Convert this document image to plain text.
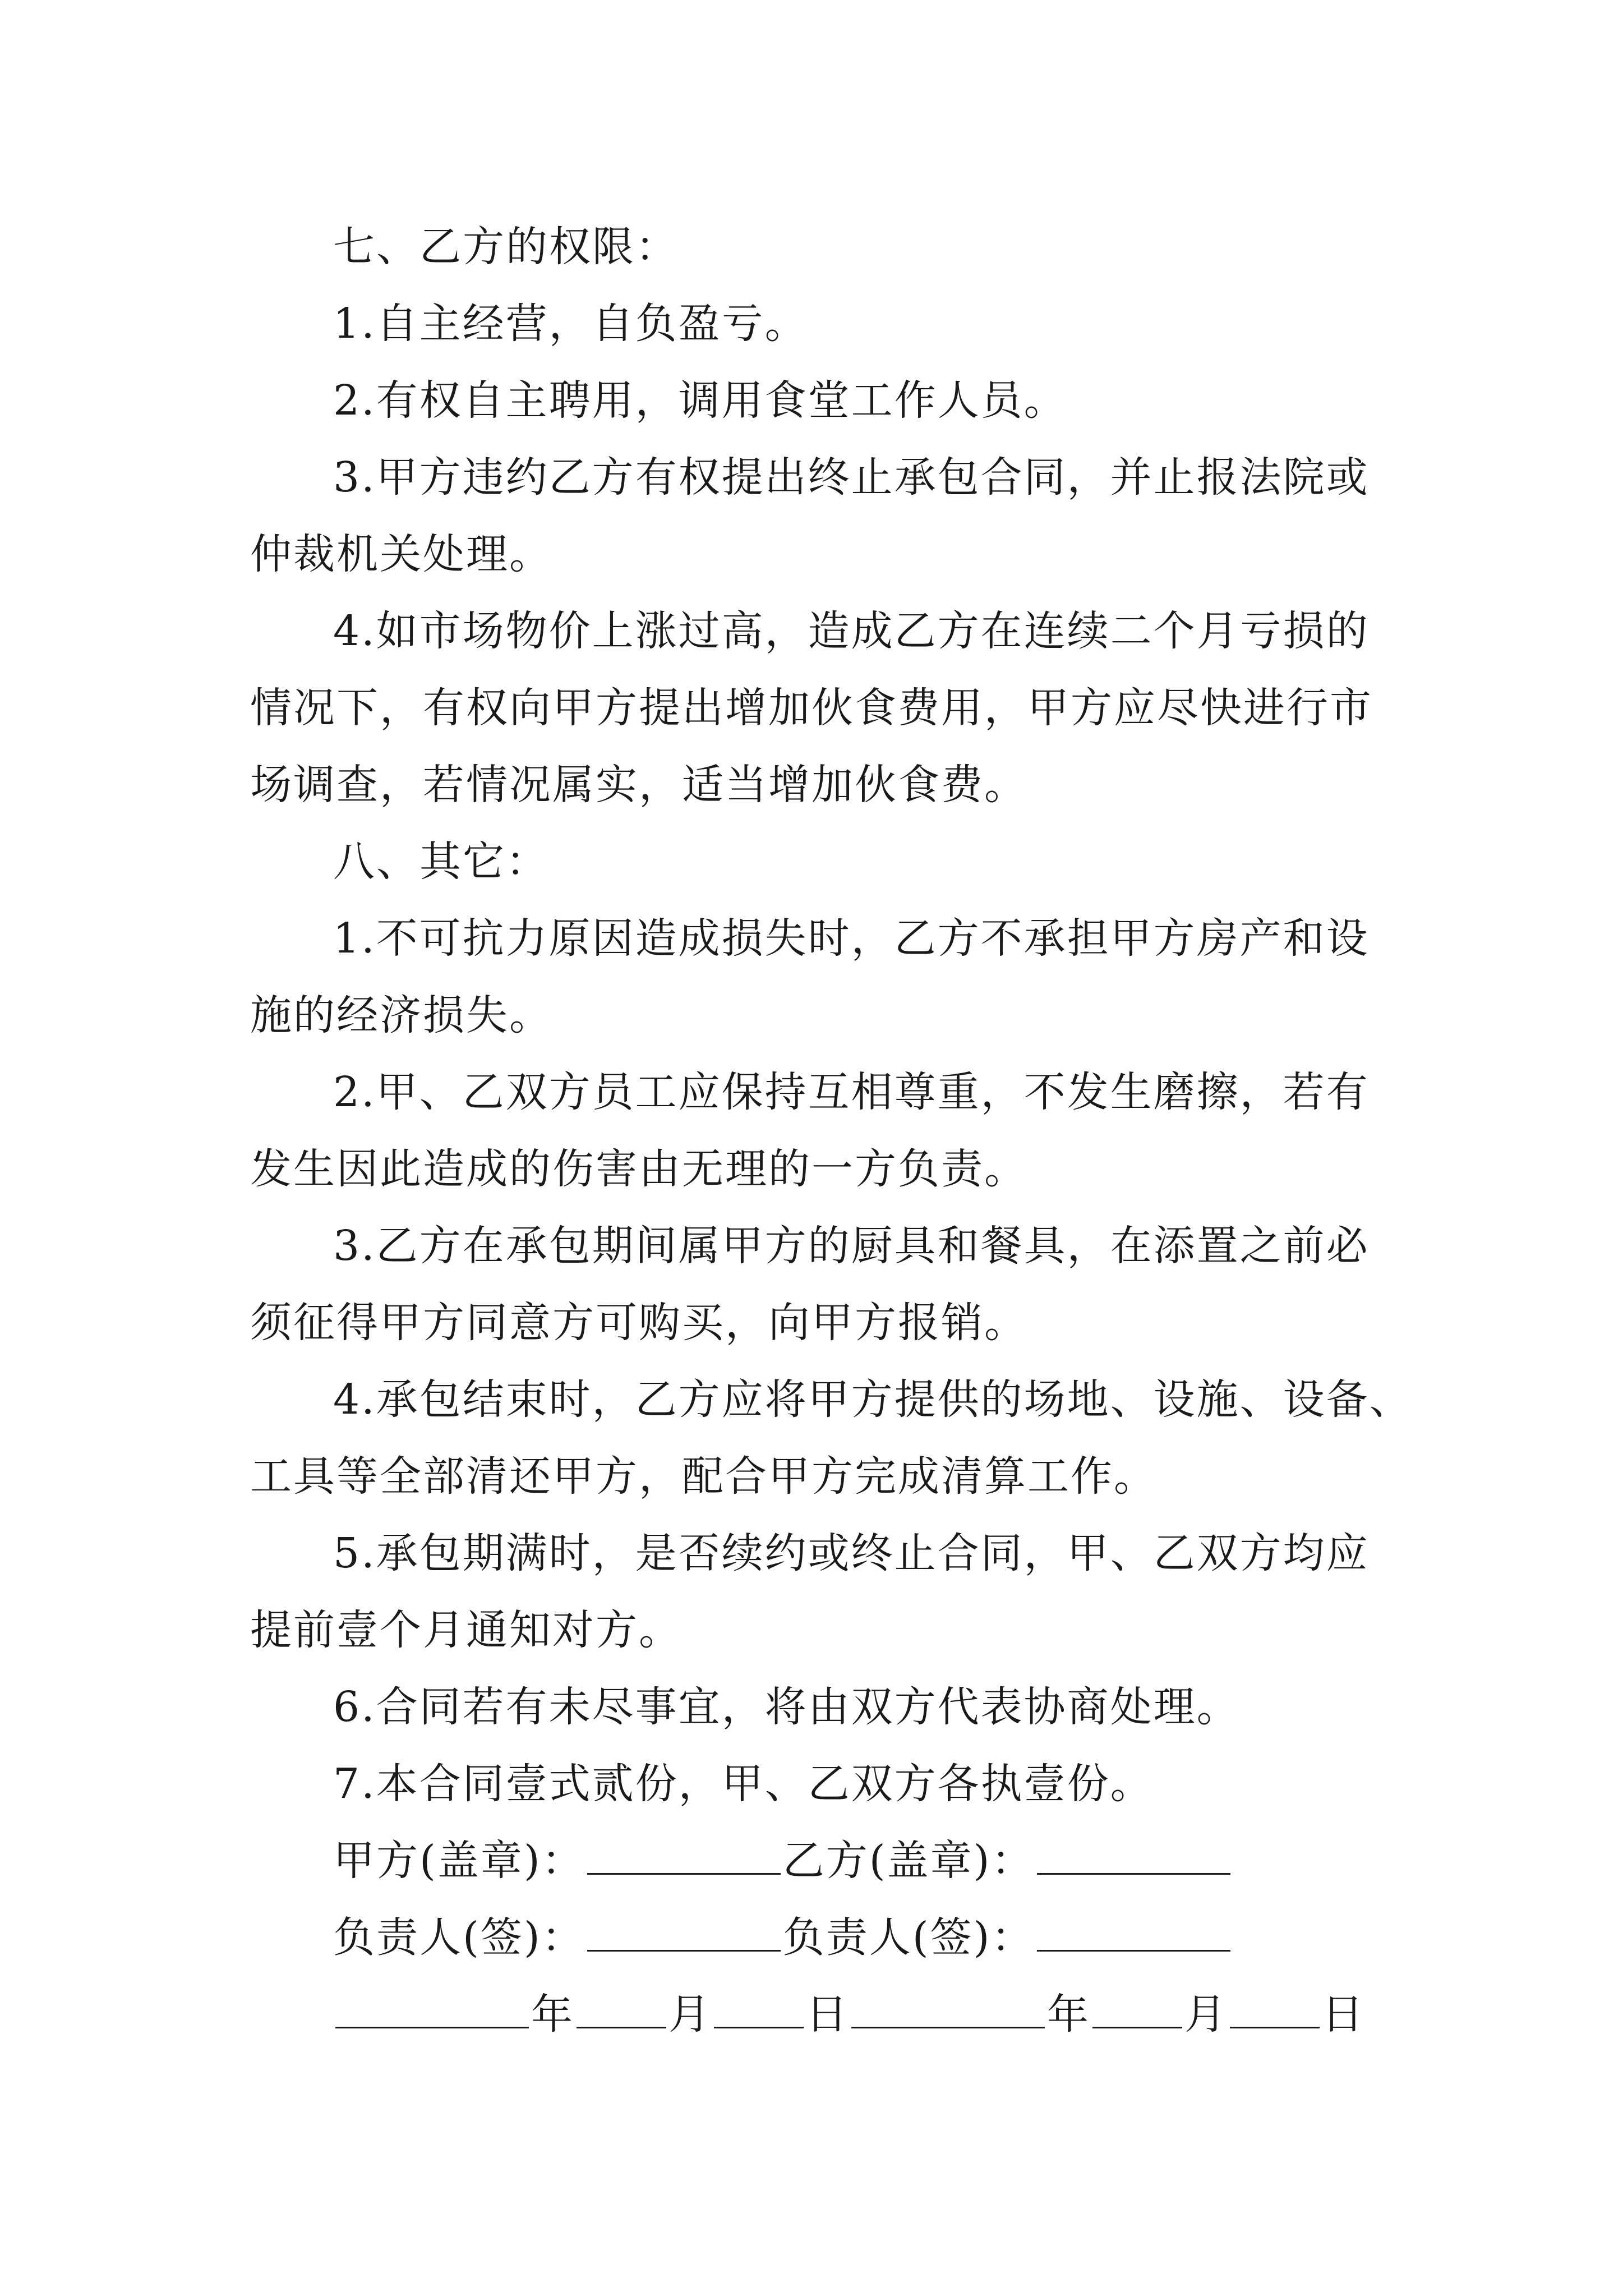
七、乙方的权限：
1.自主经营，自负盈亏。
2.有权自主聘用，调用食堂工作人员。
3.甲方违约乙方有权提出终止承包合同，并止报法院或
仲裁机关处理。
4.如市场物价上涨过高，造成乙方在连续二个月亏损的
情况下，有权向甲方提出增加伙食费用，甲方应尽快进行市
场调查，若情况属实，适当增加伙食费。
八、其它：
1.不可抗力原因造成损失时，乙方不承担甲方房产和设
施的经济损失。
2.甲、乙双方员工应保持互相尊重，不发生磨擦，若有
发生因此造成的伤害由无理的一方负责。
3.乙方在承包期间属甲方的厨具和餐具，在添置之前必
须征得甲方同意方可购买，向甲方报销。
4.承包结束时，乙方应将甲方提供的场地、设施、设备、
工具等全部清还甲方，配合甲方完成清算工作。
5.承包期满时，是否续约或终止合同，甲、乙双方均应
提前壹个月通知对方。
6.合同若有未尽事宜，将由双方代表协商处理。
7.本合同壹式贰份，甲、乙双方各执壹份。
甲方(盖章)：	乙方(盖章)：
负责人(签)：	负责人(签)：
年 月 日	年 月 日
